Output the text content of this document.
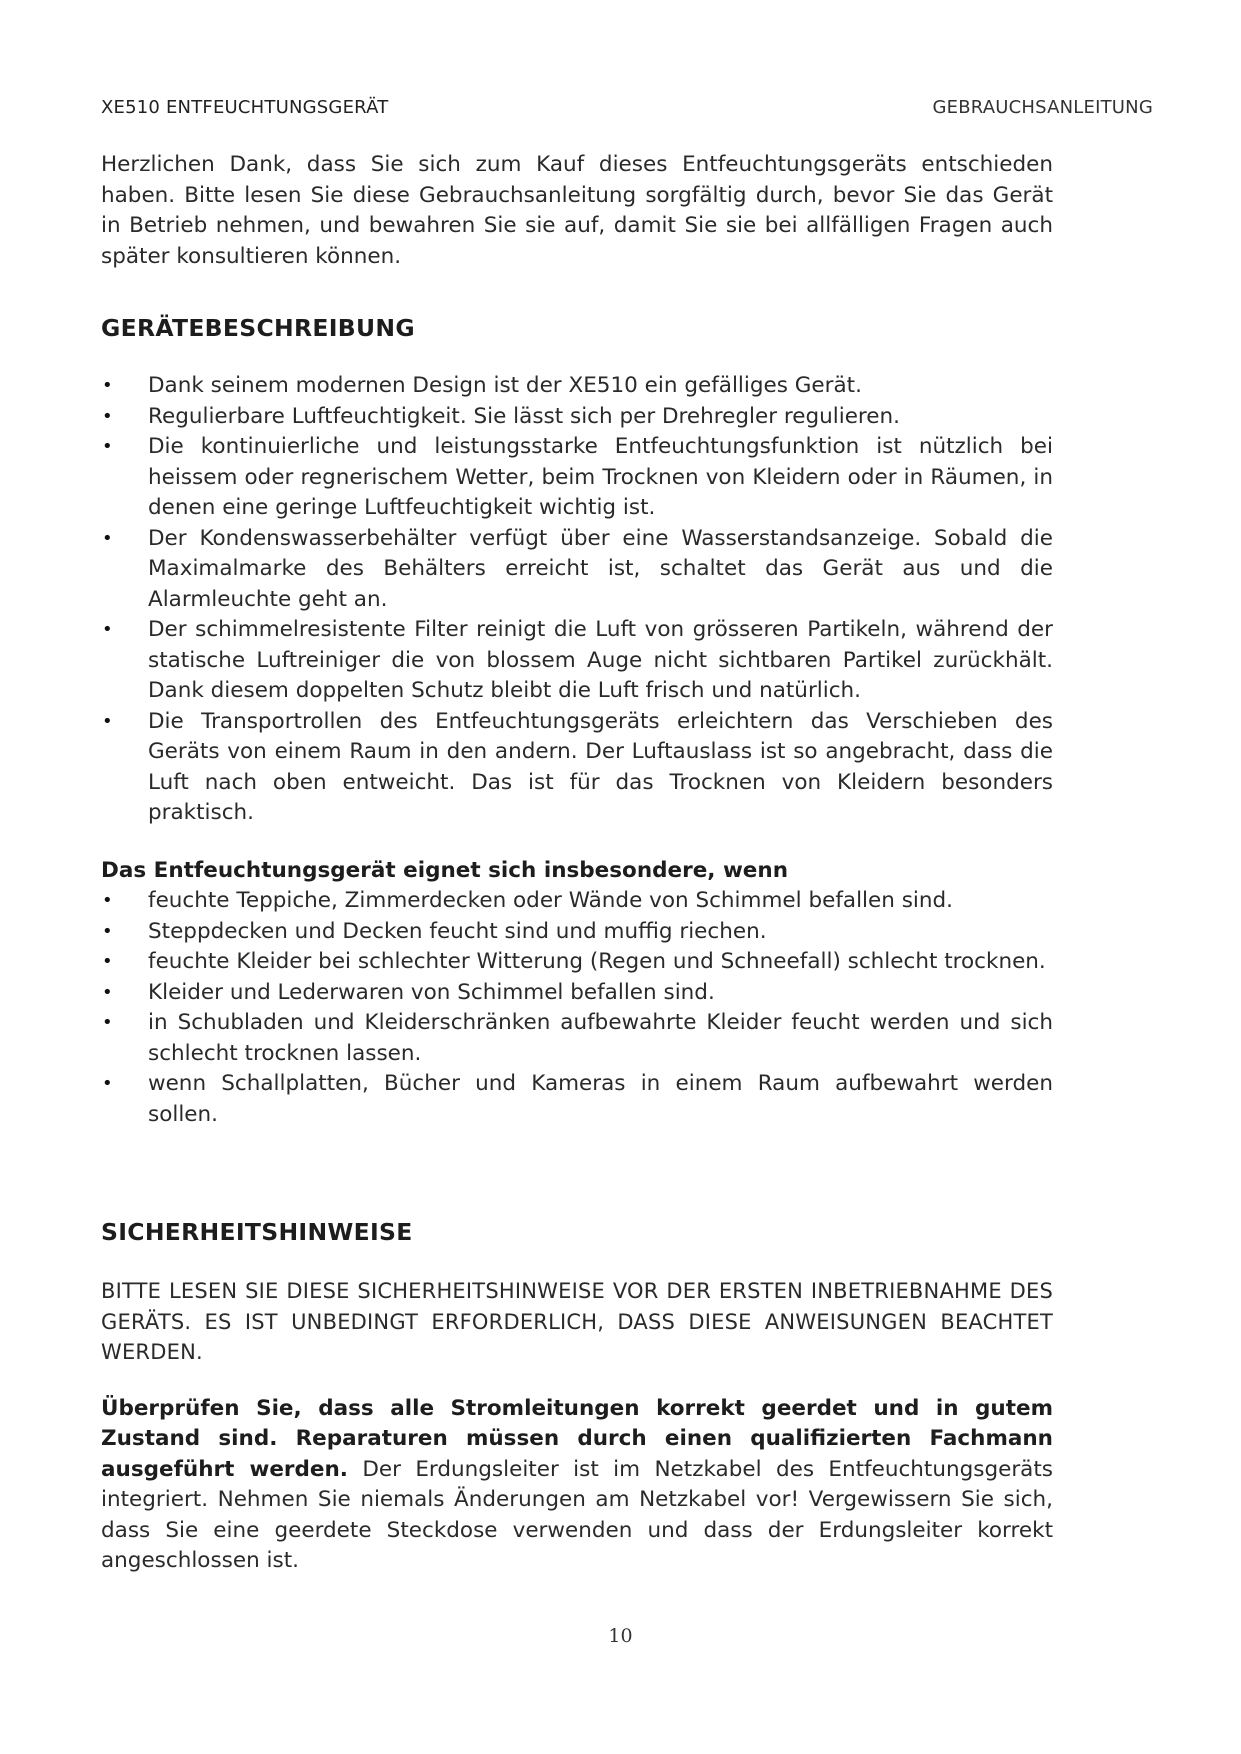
XE510 ENTFEUCHTUNGSGERÄT	GEBRAUCHSANLEITUNG

Herzlichen Dank, dass Sie sich zum Kauf dieses Entfeuchtungsgeräts entschieden haben. Bitte lesen Sie diese Gebrauchsanleitung sorgfältig durch, bevor Sie das Gerät in Betrieb nehmen, und bewahren Sie sie auf, damit Sie sie bei allfälligen Fragen auch später konsultieren können.

GERÄTEBESCHREIBUNG
•	Dank seinem modernen Design ist der XE510 ein gefälliges Gerät.
•	Regulierbare Luftfeuchtigkeit. Sie lässt sich per Drehregler regulieren.
•	Die kontinuierliche und leistungsstarke Entfeuchtungsfunktion ist nützlich bei heissem oder regnerischem Wetter, beim Trocknen von Kleidern oder in Räumen, in denen eine geringe Luftfeuchtigkeit wichtig ist.
•	Der Kondenswasserbehälter verfügt über eine Wasserstandsanzeige. Sobald die Maximalmarke des Behälters erreicht ist, schaltet das Gerät aus und die Alarmleuchte geht an.
•	Der schimmelresistente Filter reinigt die Luft von grösseren Partikeln, während der statische Luftreiniger die von blossem Auge nicht sichtbaren Partikel zurückhält. Dank diesem doppelten Schutz bleibt die Luft frisch und natürlich.
•	Die Transportrollen des Entfeuchtungsgeräts erleichtern das Verschieben des Geräts von einem Raum in den andern. Der Luftauslass ist so angebracht, dass die Luft nach oben entweicht. Das ist für das Trocknen von Kleidern besonders praktisch.

Das Entfeuchtungsgerät eignet sich insbesondere, wenn

•	feuchte Teppiche, Zimmerdecken oder Wände von Schimmel befallen sind.
•	Steppdecken und Decken feucht sind und muffig riechen.
•	feuchte Kleider bei schlechter Witterung (Regen und Schneefall) schlecht trocknen.
•	Kleider und Lederwaren von Schimmel befallen sind.
•	in Schubladen und Kleiderschränken aufbewahrte Kleider feucht werden und sich schlecht trocknen lassen.
•	wenn Schallplatten, Bücher und Kameras in einem Raum aufbewahrt werden sollen.
SICHERHEITSHINWEISE

BITTE LESEN SIE DIESE SICHERHEITSHINWEISE VOR DER ERSTEN INBETRIEBNAHME DES GERÄTS. ES IST UNBEDINGT ERFORDERLICH, DASS DIESE ANWEISUNGEN BEACHTET WERDEN.

Überprüfen Sie, dass alle Stromleitungen korrekt geerdet und in gutem Zustand sind. Reparaturen müssen durch einen qualifizierten Fachmann ausgeführt werden. Der Erdungsleiter ist im Netzkabel des Entfeuchtungsgeräts integriert. Nehmen Sie niemals Änderungen am Netzkabel vor! Vergewissern Sie sich, dass Sie eine geerdete Steckdose verwenden und dass der Erdungsleiter korrekt angeschlossen ist.

10
